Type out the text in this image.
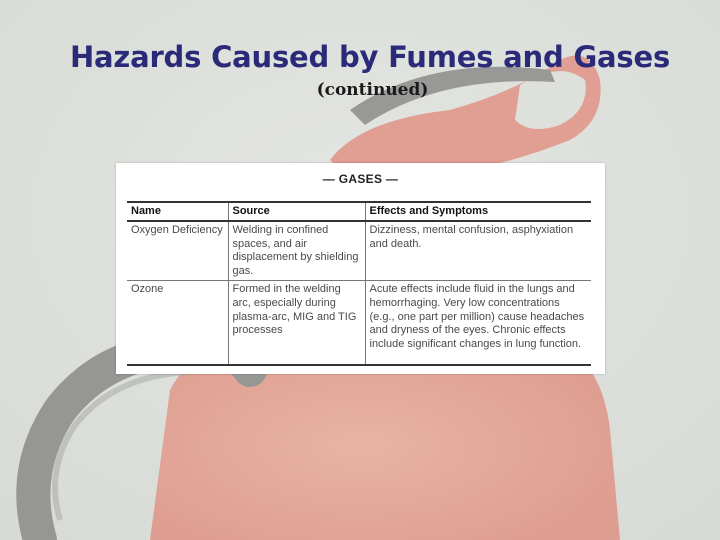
Hazards Caused by Fumes and Gases
(continued)
— GASES —
Name	Source	Effects and Symptoms
Oxygen Deficiency	Welding in confined spaces, and air displacement by shielding gas.	Dizziness, mental confusion, asphyxiation and death.
Ozone	Formed in the welding arc, especially during plasma-arc, MIG and TIG processes	Acute effects include fluid in the lungs and hemorrhaging. Very low concentrations (e.g., one part per million) cause headaches and dryness of the eyes. Chronic effects include significant changes in lung function.
